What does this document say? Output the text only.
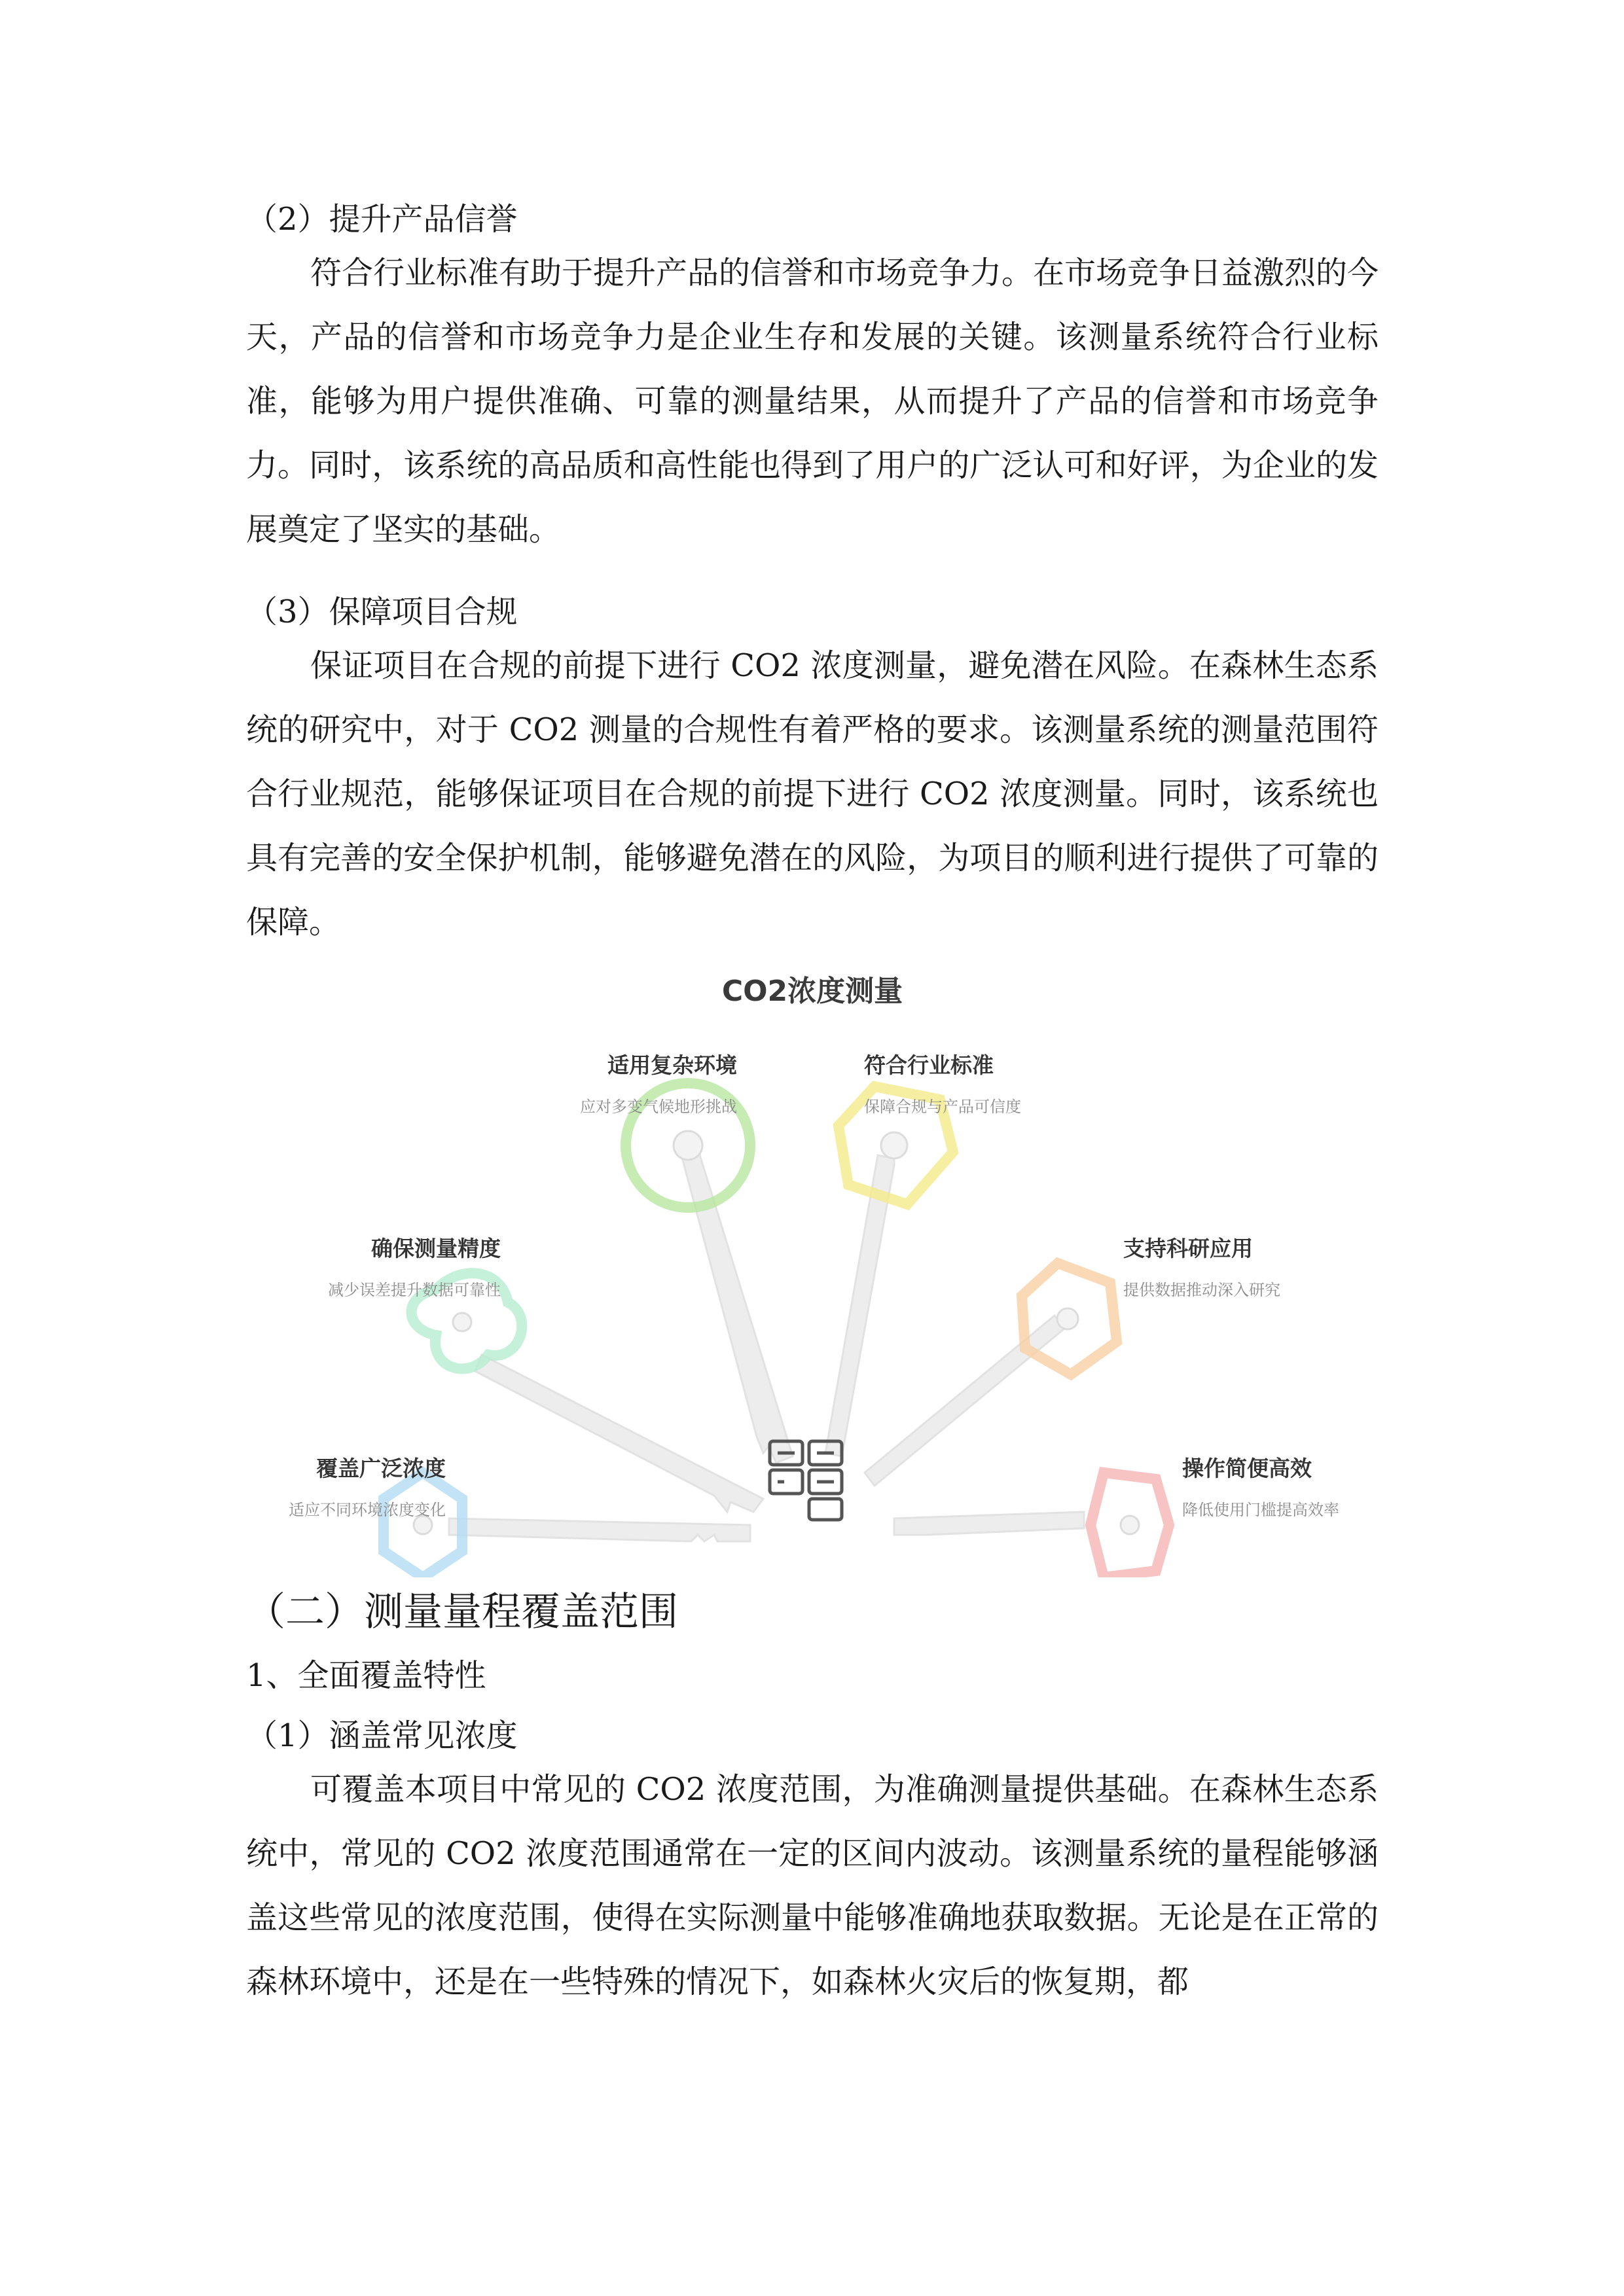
（2）提升产品信誉
符合行业标准有助于提升产品的信誉和市场竞争力。在市场竞争日益激烈的今天，产品的信誉和市场竞争力是企业生存和发展的关键。该测量系统符合行业标准，能够为用户提供准确、可靠的测量结果，从而提升了产品的信誉和市场竞争力。同时，该系统的高品质和高性能也得到了用户的广泛认可和好评，为企业的发展奠定了坚实的基础。
（3）保障项目合规
保证项目在合规的前提下进行 CO2 浓度测量，避免潜在风险。在森林生态系统的研究中，对于 CO2 测量的合规性有着严格的要求。该测量系统的测量范围符合行业规范，能够保证项目在合规的前提下进行 CO2 浓度测量。同时，该系统也具有完善的安全保护机制，能够避免潜在的风险，为项目的顺利进行提供了可靠的保障。
CO2浓度测量
适用复杂环境
应对多变气候地形挑战
符合行业标准
保障合规与产品可信度
确保测量精度
减少误差提升数据可靠性
支持科研应用
提供数据推动深入研究
覆盖广泛浓度
适应不同环境浓度变化
操作简便高效
降低使用门槛提高效率
（二）测量量程覆盖范围
1、全面覆盖特性
（1）涵盖常见浓度
可覆盖本项目中常见的 CO2 浓度范围，为准确测量提供基础。在森林生态系统中，常见的 CO2 浓度范围通常在一定的区间内波动。该测量系统的量程能够涵盖这些常见的浓度范围，使得在实际测量中能够准确地获取数据。无论是在正常的森林环境中，还是在一些特殊的情况下，如森林火灾后的恢复期，都
